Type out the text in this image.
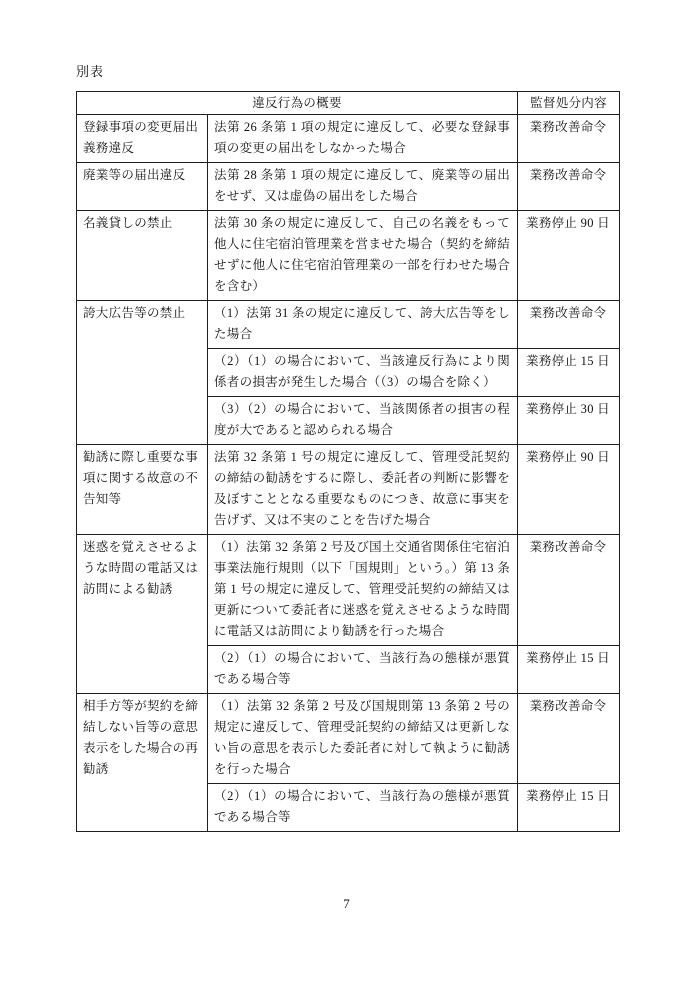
別表
違反行為の概要		監督処分内容
登録事項の変更届出義務違反	法第 26 条第 1 項の規定に違反して、必要な登録事項の変更の届出をしなかった場合	業務改善命令
廃業等の届出違反	法第 28 条第 1 項の規定に違反して、廃業等の届出をせず、又は虚偽の届出をした場合	業務改善命令
名義貸しの禁止	法第 30 条の規定に違反して、自己の名義をもって他人に住宅宿泊管理業を営ませた場合（契約を締結せずに他人に住宅宿泊管理業の一部を行わせた場合を含む）	業務停止 90 日
誇大広告等の禁止	（1）法第 31 条の規定に違反して、誇大広告等をした場合	業務改善命令
	（2）（1）の場合において、当該違反行為により関係者の損害が発生した場合（（3）の場合を除く）	業務停止 15 日
	（3）（2）の場合において、当該関係者の損害の程度が大であると認められる場合	業務停止 30 日
勧誘に際し重要な事項に関する故意の不告知等	法第 32 条第 1 号の規定に違反して、管理受託契約の締結の勧誘をするに際し、委託者の判断に影響を及ぼすこととなる重要なものにつき、故意に事実を告げず、又は不実のことを告げた場合	業務停止 90 日
迷惑を覚えさせるような時間の電話又は訪問による勧誘	（1）法第 32 条第 2 号及び国土交通省関係住宅宿泊事業法施行規則（以下「国規則」という。）第 13 条第 1 号の規定に違反して、管理受託契約の締結又は更新について委託者に迷惑を覚えさせるような時間に電話又は訪問により勧誘を行った場合	業務改善命令
	（2）（1）の場合において、当該行為の態様が悪質である場合等	業務停止 15 日
相手方等が契約を締結しない旨等の意思表示をした場合の再勧誘	（1）法第 32 条第 2 号及び国規則第 13 条第 2 号の規定に違反して、管理受託契約の締結又は更新しない旨の意思を表示した委託者に対して執ように勧誘を行った場合	業務改善命令
	（2）（1）の場合において、当該行為の態様が悪質である場合等	業務停止 15 日
7
